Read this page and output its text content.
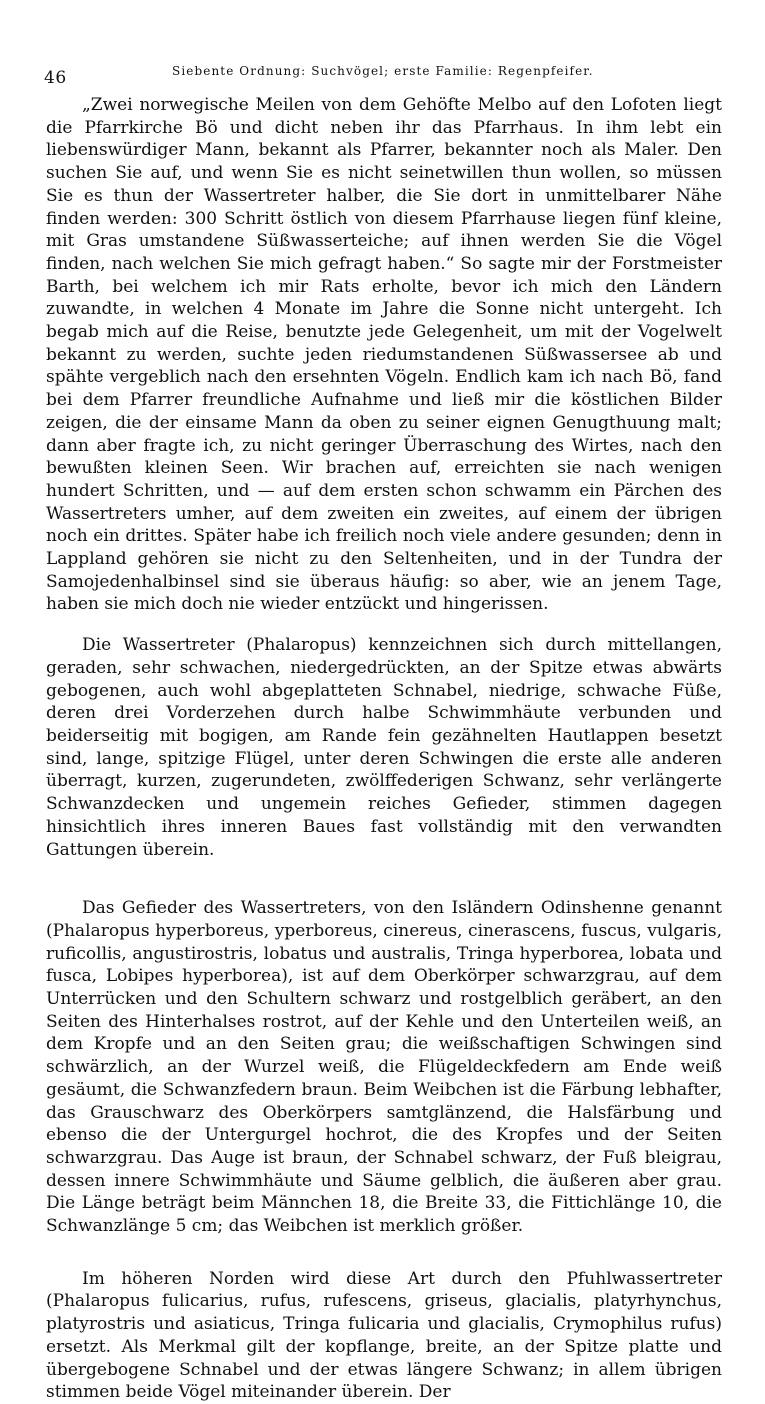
46	Siebente Ordnung: Suchvögel; erste Familie: Regenpfeifer.

„Zwei norwegische Meilen von dem Gehöfte Melbo auf den Lofoten liegt die Pfarrkirche Bö und dicht neben ihr das Pfarrhaus. In ihm lebt ein liebenswürdiger Mann, bekannt als Pfarrer, bekannter noch als Maler. Den suchen Sie auf, und wenn Sie es nicht seinetwillen thun wollen, so müssen Sie es thun der Wassertreter halber, die Sie dort in unmittelbarer Nähe finden werden: 300 Schritt östlich von diesem Pfarrhause liegen fünf kleine, mit Gras umstandene Süßwasserteiche; auf ihnen werden Sie die Vögel finden, nach welchen Sie mich gefragt haben.“ So sagte mir der Forstmeister Barth, bei welchem ich mir Rats erholte, bevor ich mich den Ländern zuwandte, in welchen 4 Monate im Jahre die Sonne nicht untergeht. Ich begab mich auf die Reise, benutzte jede Gelegenheit, um mit der Vogelwelt bekannt zu werden, suchte jeden riedumstandenen Süßwassersee ab und spähte vergeblich nach den ersehnten Vögeln. Endlich kam ich nach Bö, fand bei dem Pfarrer freundliche Aufnahme und ließ mir die köstlichen Bilder zeigen, die der einsame Mann da oben zu seiner eignen Genugthuung malt; dann aber fragte ich, zu nicht geringer Überraschung des Wirtes, nach den bewußten kleinen Seen. Wir brachen auf, erreichten sie nach wenigen hundert Schritten, und — auf dem ersten schon schwamm ein Pärchen des Wassertreters umher, auf dem zweiten ein zweites, auf einem der übrigen noch ein drittes. Später habe ich freilich noch viele andere gesunden; denn in Lappland gehören sie nicht zu den Seltenheiten, und in der Tundra der Samojedenhalbinsel sind sie überaus häufig: so aber, wie an jenem Tage, haben sie mich doch nie wieder entzückt und hingerissen.

Die Wassertreter (Phalaropus) kennzeichnen sich durch mittellangen, geraden, sehr schwachen, niedergedrückten, an der Spitze etwas abwärts gebogenen, auch wohl abgeplatteten Schnabel, niedrige, schwache Füße, deren drei Vorderzehen durch halbe Schwimmhäute verbunden und beiderseitig mit bogigen, am Rande fein gezähnelten Hautlappen besetzt sind, lange, spitzige Flügel, unter deren Schwingen die erste alle anderen überragt, kurzen, zugerundeten, zwölffederigen Schwanz, sehr verlängerte Schwanzdecken und ungemein reiches Gefieder, stimmen dagegen hinsichtlich ihres inneren Baues fast vollständig mit den verwandten Gattungen überein.

Das Gefieder des Wassertreters, von den Isländern Odinshenne genannt (Phalaropus hyperboreus, yperboreus, cinereus, cinerascens, fuscus, vulgaris, ruficollis, angustirostris, lobatus und australis, Tringa hyperborea, lobata und fusca, Lobipes hyperborea), ist auf dem Oberkörper schwarzgrau, auf dem Unterrücken und den Schultern schwarz und rostgelblich geräbert, an den Seiten des Hinterhalses rostrot, auf der Kehle und den Unterteilen weiß, an dem Kropfe und an den Seiten grau; die weißschaftigen Schwingen sind schwärzlich, an der Wurzel weiß, die Flügeldeckfedern am Ende weiß gesäumt, die Schwanzfedern braun. Beim Weibchen ist die Färbung lebhafter, das Grauschwarz des Oberkörpers samtglänzend, die Halsfärbung und ebenso die der Untergurgel hochrot, die des Kropfes und der Seiten schwarzgrau. Das Auge ist braun, der Schnabel schwarz, der Fuß bleigrau, dessen innere Schwimmhäute und Säume gelblich, die äußeren aber grau. Die Länge beträgt beim Männchen 18, die Breite 33, die Fittichlänge 10, die Schwanzlänge 5 cm; das Weibchen ist merklich größer.

Im höheren Norden wird diese Art durch den Pfuhlwassertreter (Phalaropus fulicarius, rufus, rufescens, griseus, glacialis, platyrhynchus, platyrostris und asiaticus, Tringa fulicaria und glacialis, Crymophilus rufus) ersetzt. Als Merkmal gilt der kopflange, breite, an der Spitze platte und übergebogene Schnabel und der etwas längere Schwanz; in allem übrigen stimmen beide Vögel miteinander überein. Der
